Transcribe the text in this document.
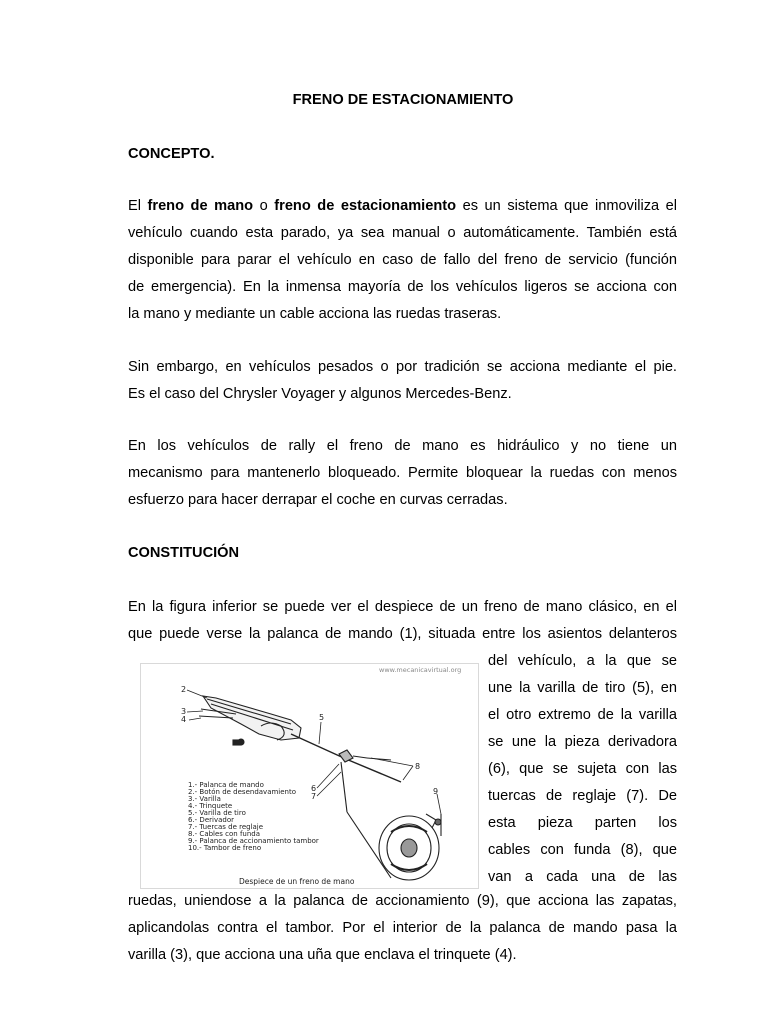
FRENO DE ESTACIONAMIENTO
CONCEPTO.
El freno de mano o freno de estacionamiento es un sistema que inmoviliza el
vehículo cuando esta parado, ya sea manual o automáticamente. También está
disponible para parar el vehículo en caso de fallo del freno de servicio (función
de emergencia). En la inmensa mayoría de los vehículos ligeros se acciona con
la mano y mediante un cable acciona las ruedas traseras.
Sin embargo, en vehículos pesados o por tradición se acciona mediante el pie.
Es el caso del Chrysler Voyager y algunos Mercedes-Benz.
En los vehículos de rally el freno de mano es hidráulico y no tiene un
mecanismo para mantenerlo bloqueado. Permite bloquear la ruedas con menos
esfuerzo para hacer derrapar el coche en curvas cerradas.
CONSTITUCIÓN
En la figura inferior se puede ver el despiece de un freno de mano clásico, en el
que puede verse la palanca de mando (1), situada entre los asientos delanteros
del vehículo, a la que se
une la varilla de tiro (5), en
el otro extremo de la varilla
se une la pieza derivadora
(6), que se sujeta con las
tuercas de reglaje (7). De
esta pieza parten los
cables con funda (8), que
van a cada una de las
ruedas, uniendose a la palanca de accionamiento (9), que acciona las zapatas,
aplicandolas contra el tambor. Por el interior de la palanca de mando pasa la
varilla (3), que acciona una uña que enclava el trinquete (4).
www.mecanicavirtual.org
2
3
4	5
6
7
8
9
1.- Palanca de mando
2.- Botón de desendavamiento
3.- Varilla
4.- Trinquete
5.- Varilla de tiro
6.- Derivador
7.- Tuercas de reglaje
8.- Cables con funda
9.- Palanca de accionamiento tambor
10.- Tambor de freno
Despiece de un freno de mano
